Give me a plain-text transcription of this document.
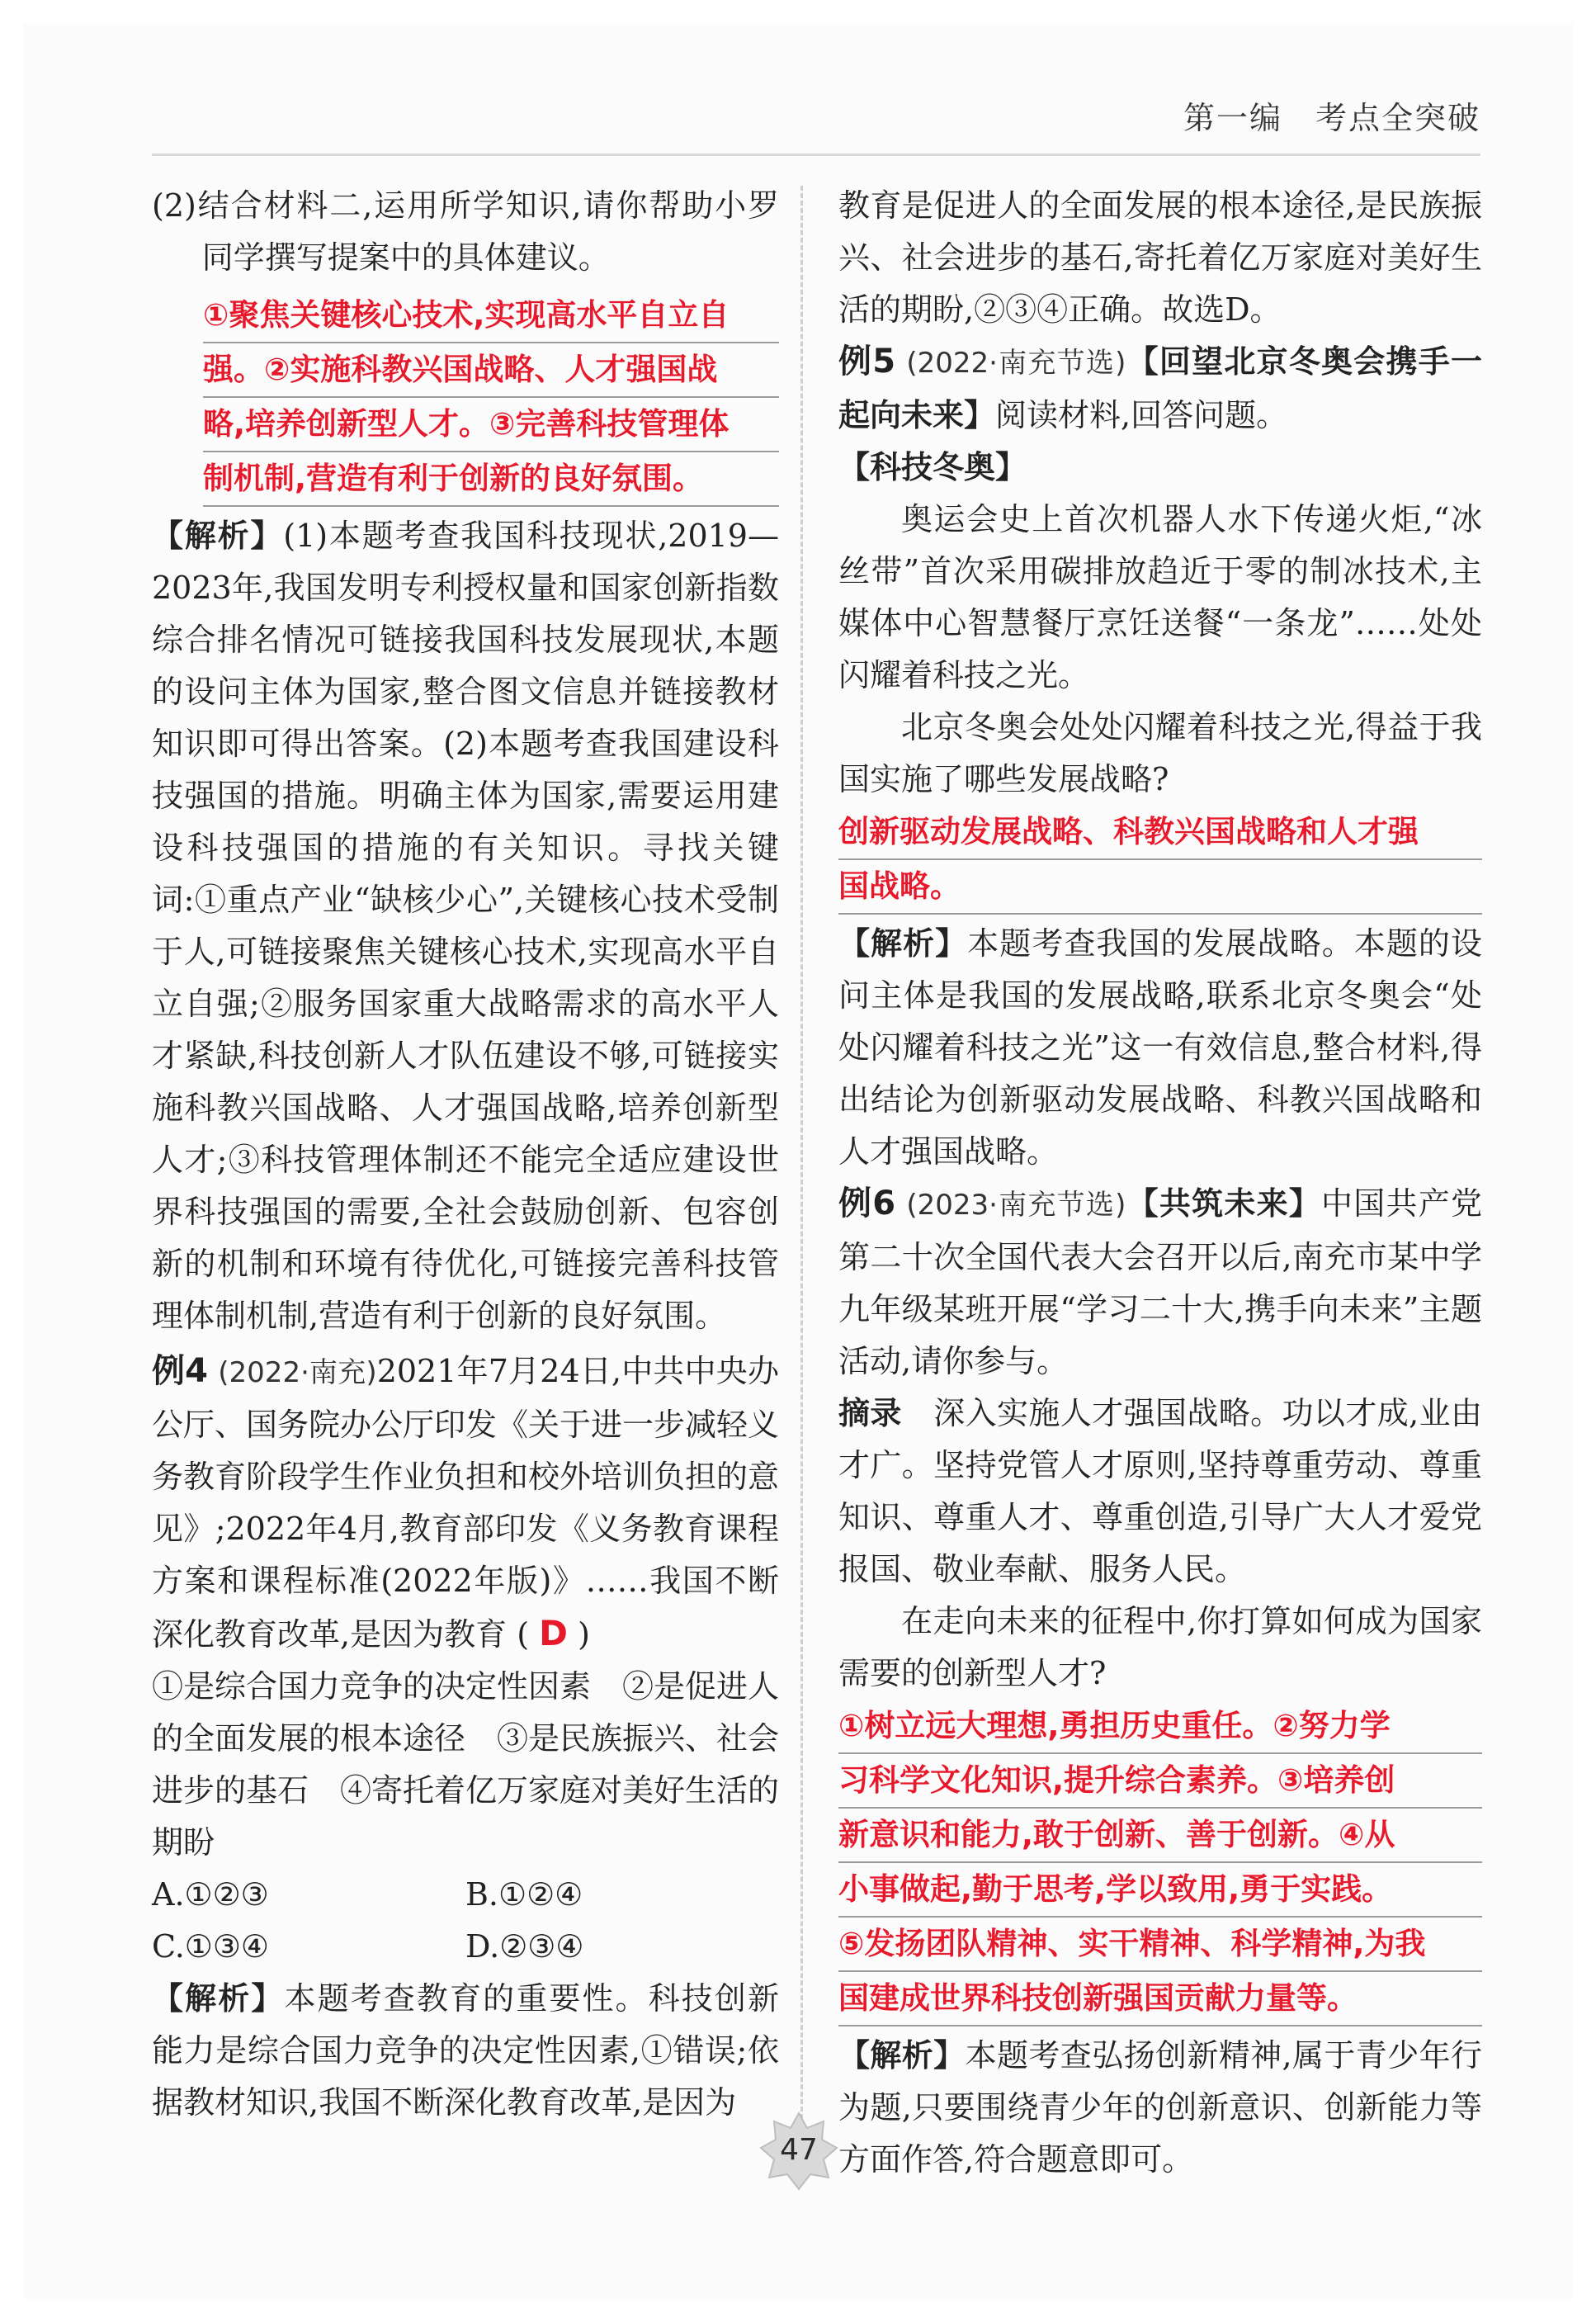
第一编　考点全突破

(2)结合材料二,运用所学知识,请你帮助小罗同学撰写提案中的具体建议。

①聚焦关键核心技术,实现高水平自立自
强。②实施科教兴国战略、人才强国战
略,培养创新型人才。③完善科技管理体
制机制,营造有利于创新的良好氛围。

【解析】(1)本题考查我国科技现状,2019—2023年,我国发明专利授权量和国家创新指数综合排名情况可链接我国科技发展现状,本题的设问主体为国家,整合图文信息并链接教材知识即可得出答案。(2)本题考查我国建设科技强国的措施。明确主体为国家,需要运用建设科技强国的措施的有关知识。寻找关键词:①重点产业“缺核少心”,关键核心技术受制于人,可链接聚焦关键核心技术,实现高水平自立自强;②服务国家重大战略需求的高水平人才紧缺,科技创新人才队伍建设不够,可链接实施科教兴国战略、人才强国战略,培养创新型人才;③科技管理体制还不能完全适应建设世界科技强国的需要,全社会鼓励创新、包容创新的机制和环境有待优化,可链接完善科技管理体制机制,营造有利于创新的良好氛围。

例4 (2022·南充)2021年7月24日,中共中央办公厅、国务院办公厅印发《关于进一步减轻义务教育阶段学生作业负担和校外培训负担的意见》;2022年4月,教育部印发《义务教育课程方案和课程标准(2022年版)》……我国不断深化教育改革,是因为教育 ( D )

①是综合国力竞争的决定性因素　②是促进人的全面发展的根本途径　③是民族振兴、社会进步的基石　④寄托着亿万家庭对美好生活的期盼

A.①②③	B.①②④
C.①③④	D.②③④

【解析】本题考查教育的重要性。科技创新能力是综合国力竞争的决定性因素,①错误;依据教材知识,我国不断深化教育改革,是因为

教育是促进人的全面发展的根本途径,是民族振兴、社会进步的基石,寄托着亿万家庭对美好生活的期盼,②③④正确。故选D。

例5 (2022·南充节选)【回望北京冬奥会携手一起向未来】阅读材料,回答问题。

【科技冬奥】

奥运会史上首次机器人水下传递火炬,“冰丝带”首次采用碳排放趋近于零的制冰技术,主媒体中心智慧餐厅烹饪送餐“一条龙”……处处闪耀着科技之光。

北京冬奥会处处闪耀着科技之光,得益于我国实施了哪些发展战略?

创新驱动发展战略、科教兴国战略和人才强
国战略。

【解析】本题考查我国的发展战略。本题的设问主体是我国的发展战略,联系北京冬奥会“处处闪耀着科技之光”这一有效信息,整合材料,得出结论为创新驱动发展战略、科教兴国战略和人才强国战略。

例6 (2023·南充节选)【共筑未来】中国共产党第二十次全国代表大会召开以后,南充市某中学九年级某班开展“学习二十大,携手向未来”主题活动,请你参与。

摘录　 深入实施人才强国战略。功以才成,业由才广。坚持党管人才原则,坚持尊重劳动、尊重知识、尊重人才、尊重创造,引导广大人才爱党报国、敬业奉献、服务人民。

在走向未来的征程中,你打算如何成为国家需要的创新型人才?

①树立远大理想,勇担历史重任。②努力学
习科学文化知识,提升综合素养。③培养创
新意识和能力,敢于创新、善于创新。④从
小事做起,勤于思考,学以致用,勇于实践。
⑤发扬团队精神、实干精神、科学精神,为我
国建成世界科技创新强国贡献力量等。

【解析】本题考查弘扬创新精神,属于青少年行为题,只要围绕青少年的创新意识、创新能力等方面作答,符合题意即可。

47
